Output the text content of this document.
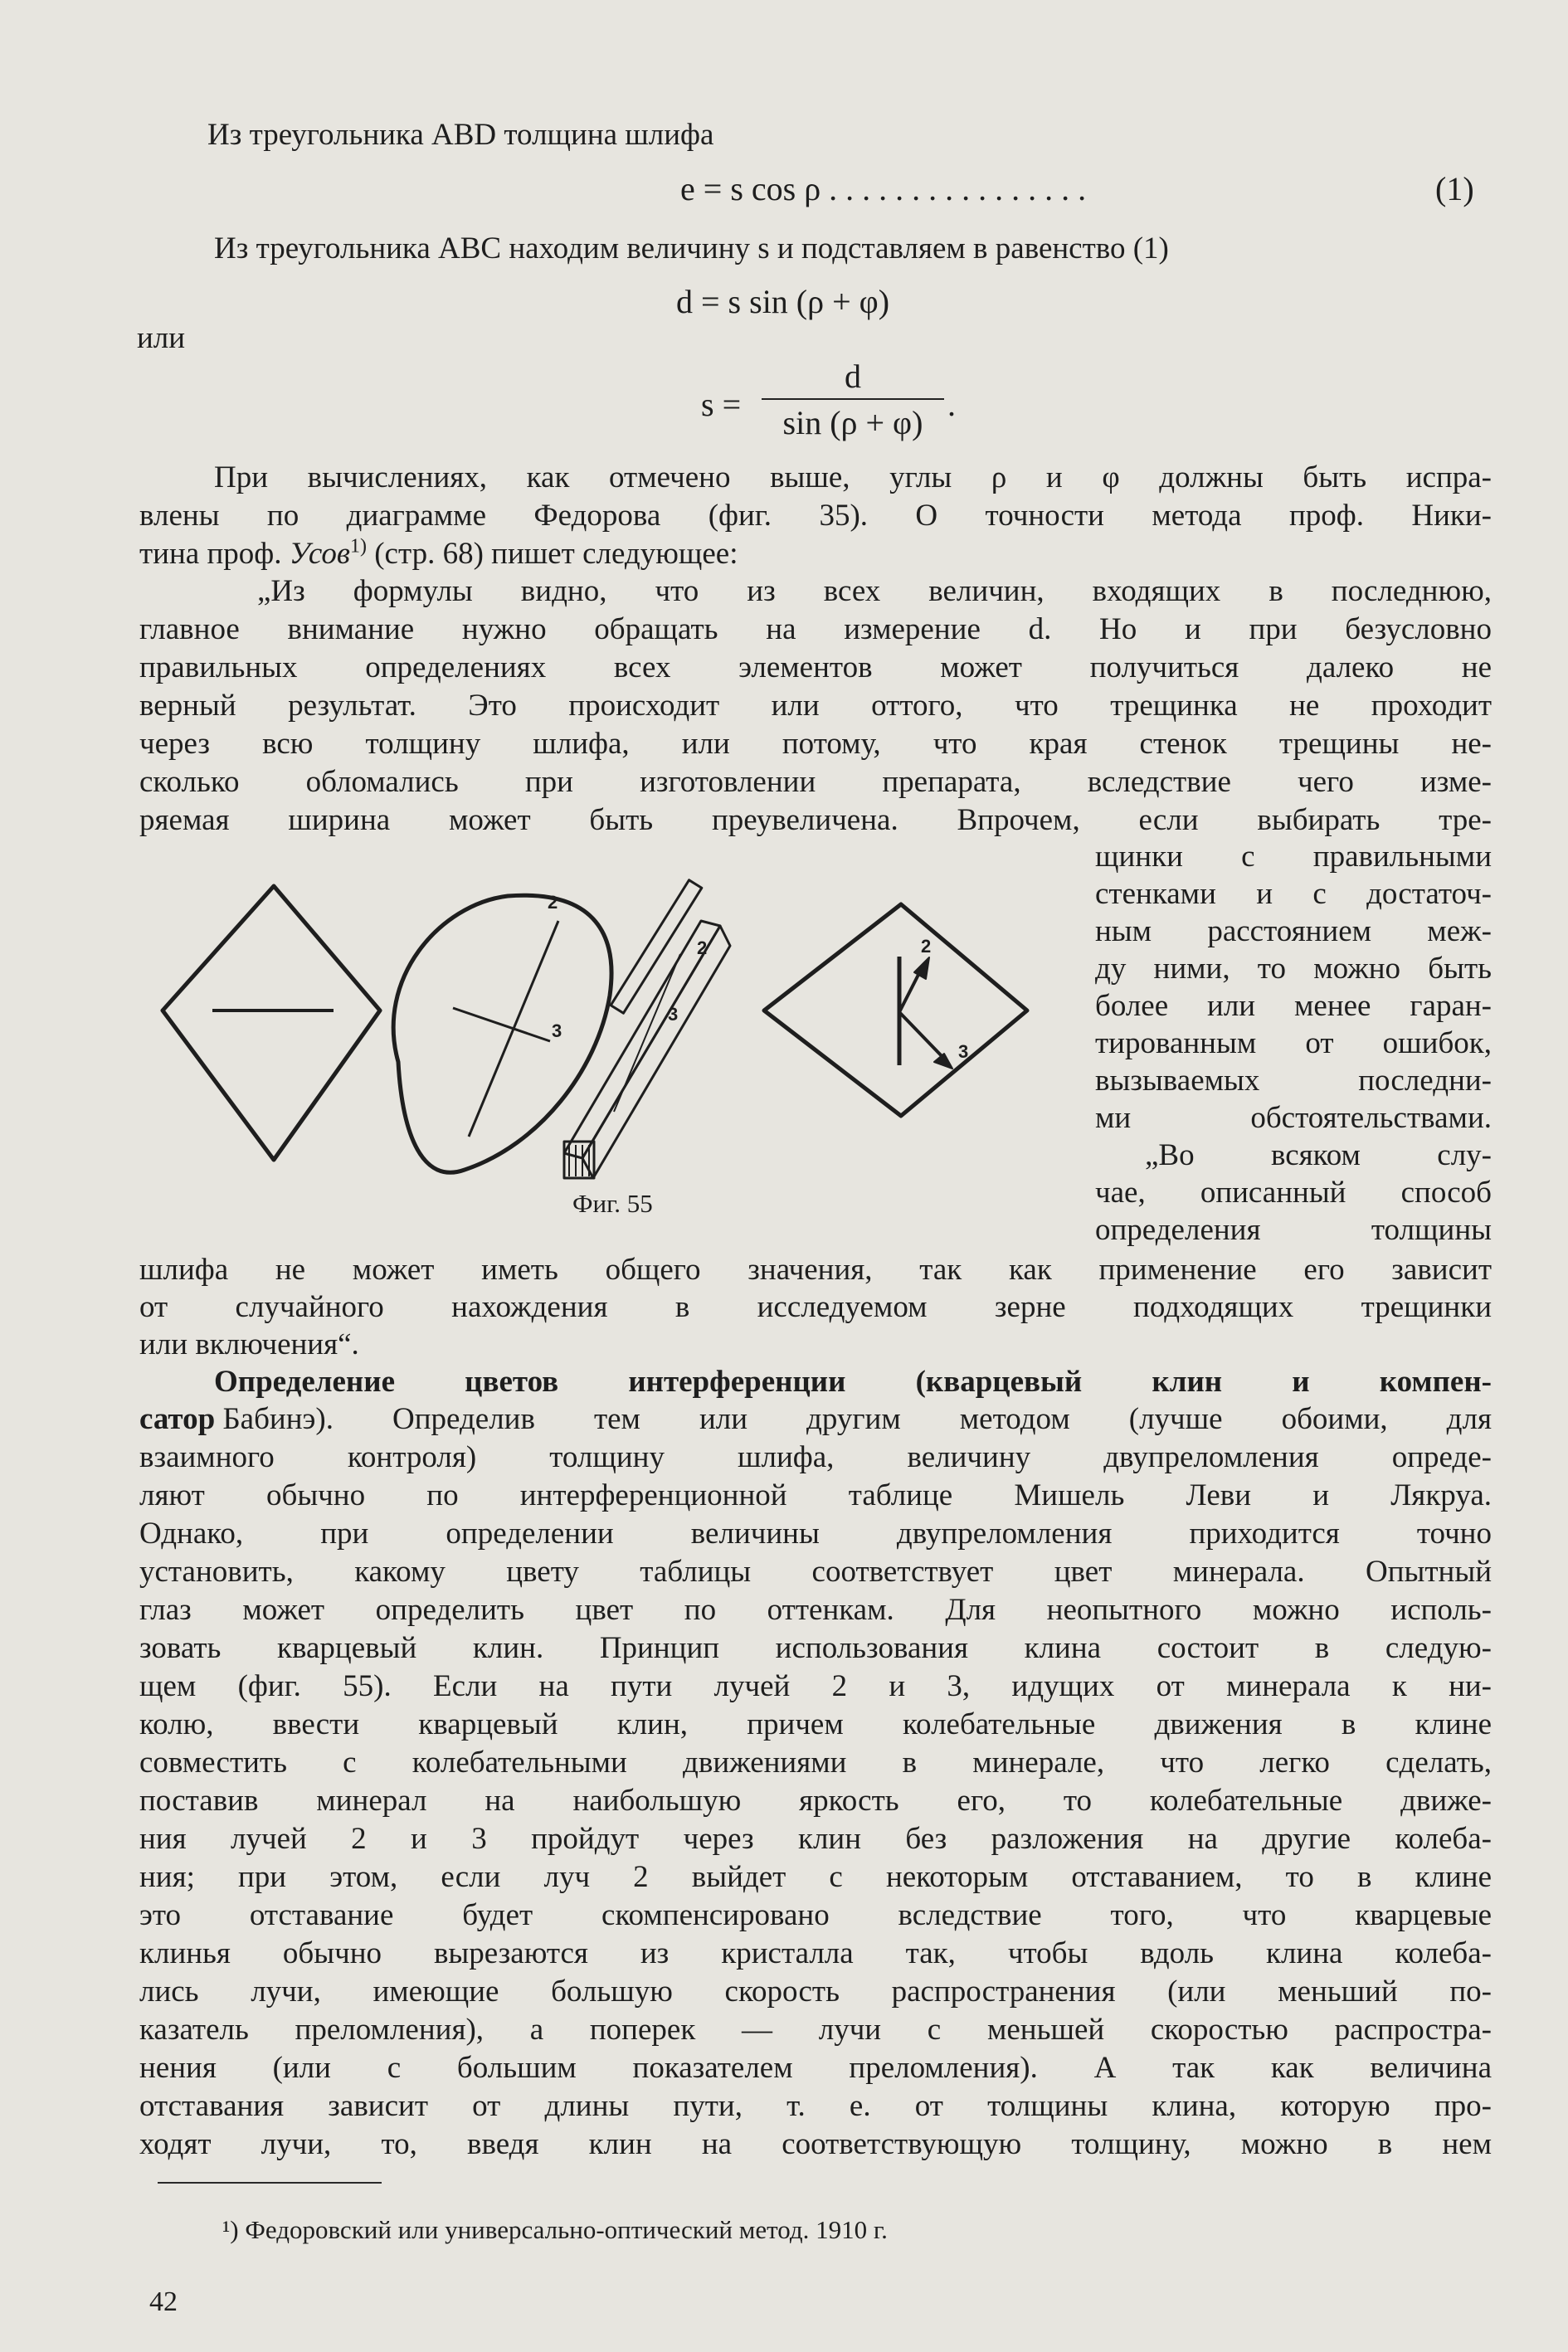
Из треугольника ABD толщина шлифа
e = s cos ρ . . . . . . . . . . . . . . . .	(1)
Из треугольника ABC находим величину s и подставляем в равенство (1)
d = s sin (ρ + φ)
или
$s = \frac{d}{\sin (\rho + \varphi)}$ .
При вычислениях, как отмечено выше, углы ρ и φ должны быть испра-
влены по диаграмме Федорова (фиг. 35). О точности метода проф. Ники-
тина проф. Усов$^{1)}$ (стр. 68) пишет следующее:
„Из формулы видно, что из всех величин, входящих в последнюю,
главное внимание нужно обращать на измерение d. Но и при безусловно
правильных определениях всех элементов может получиться далеко не
верный результат. Это происходит или оттого, что трещинка не проходит
через всю толщину шлифа, или потому, что края стенок трещины не-
сколько обломались при изготовлении препарата, вследствие чего изме-
ряемая ширина может быть преувеличена. Впрочем, если выбирать тре-
щинки с правильными
стенками и с достаточ-
ным расстоянием меж-
ду ними, то можно быть
более или менее гаран-
тированным от ошибок,
вызываемых последни-
ми обстоятельствами.
„Во всяком слу-
чае, описанный способ
определения толщины
2
3
2
3
2
3
Фиг. 55
шлифа не может иметь общего значения, так как применение его зависит
от случайного нахождения в исследуемом зерне подходящих трещинки
или включения“.
Определение цветов интерференции (кварцевый клин и компен-
сатор
Бабинэ). Определив тем или другим методом (лучше обоими, для
взаимного контроля) толщину шлифа, величину двупреломления опреде-
ляют обычно по интерференционной таблице Мишель Леви и Лякруа.
Однако, при определении величины двупреломления приходится точно
установить, какому цвету таблицы соответствует цвет минерала. Опытный
глаз может определить цвет по оттенкам. Для неопытного можно исполь-
зовать кварцевый клин. Принцип использования клина состоит в следую-
щем (фиг. 55). Если на пути лучей 2 и 3, идущих от минерала к ни-
колю, ввести кварцевый клин, причем колебательные движения в клине
совместить с колебательными движениями в минерале, что легко сделать,
поставив минерал на наибольшую яркость его, то колебательные движе-
ния лучей 2 и 3 пройдут через клин без разложения на другие колеба-
ния; при этом, если луч 2 выйдет с некоторым отставанием, то в клине
это отставание будет скомпенсировано вследствие того, что кварцевые
клинья обычно вырезаются из кристалла так, чтобы вдоль клина колеба-
лись лучи, имеющие большую скорость распространения (или меньший по-
казатель преломления), а поперек — лучи с меньшей скоростью распростра-
нения (или с большим показателем преломления). А так как величина
отставания зависит от длины пути, т. е. от толщины клина, которую про-
ходят лучи, то, введя клин на соответствующую толщину, можно в нем
¹) Федоровский или универсально-оптический метод. 1910 г.
42
